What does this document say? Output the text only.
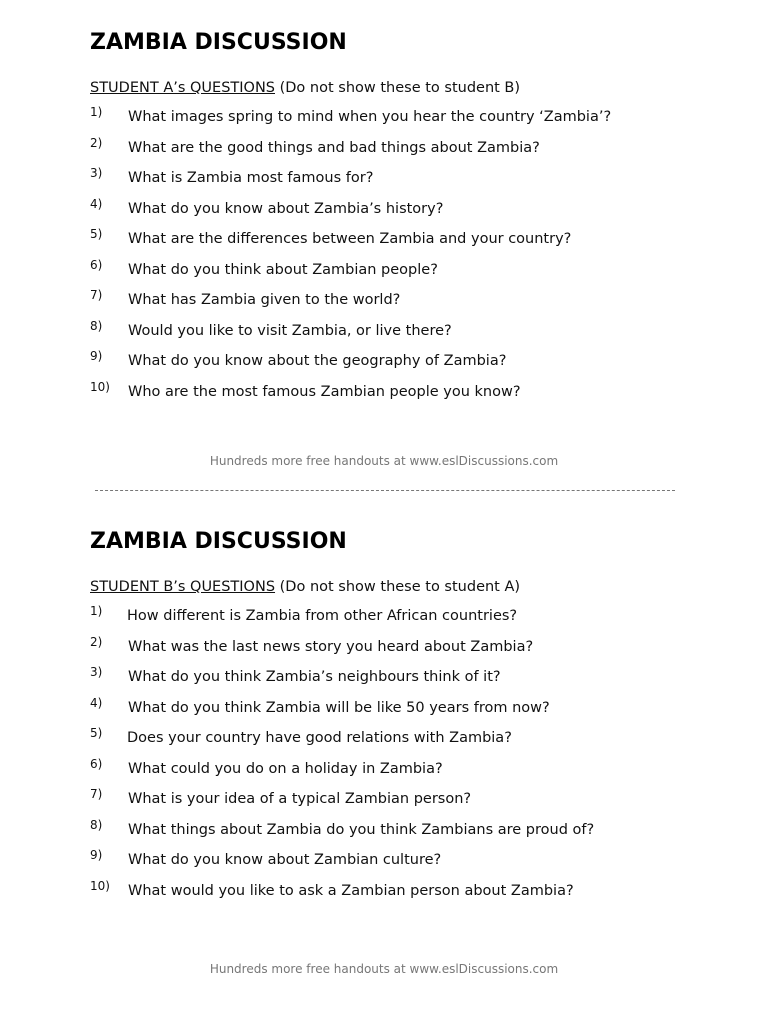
ZAMBIA DISCUSSION
STUDENT A’s QUESTIONS (Do not show these to student B)
1) What images spring to mind when you hear the country ‘Zambia’?
2) What are the good things and bad things about Zambia?
3) What is Zambia most famous for?
4) What do you know about Zambia’s history?
5) What are the differences between Zambia and your country?
6) What do you think about Zambian people?
7) What has Zambia given to the world?
8) Would you like to visit Zambia, or live there?
9) What do you know about the geography of Zambia?
10) Who are the most famous Zambian people you know?
Hundreds more free handouts at www.eslDiscussions.com
ZAMBIA DISCUSSION
STUDENT B’s QUESTIONS (Do not show these to student A)
1) How different is Zambia from other African countries?
2) What was the last news story you heard about Zambia?
3) What do you think Zambia’s neighbours think of it?
4) What do you think Zambia will be like 50 years from now?
5) Does your country have good relations with Zambia?
6) What could you do on a holiday in Zambia?
7) What is your idea of a typical Zambian person?
8) What things about Zambia do you think Zambians are proud of?
9) What do you know about Zambian culture?
10) What would you like to ask a Zambian person about Zambia?
Hundreds more free handouts at www.eslDiscussions.com
